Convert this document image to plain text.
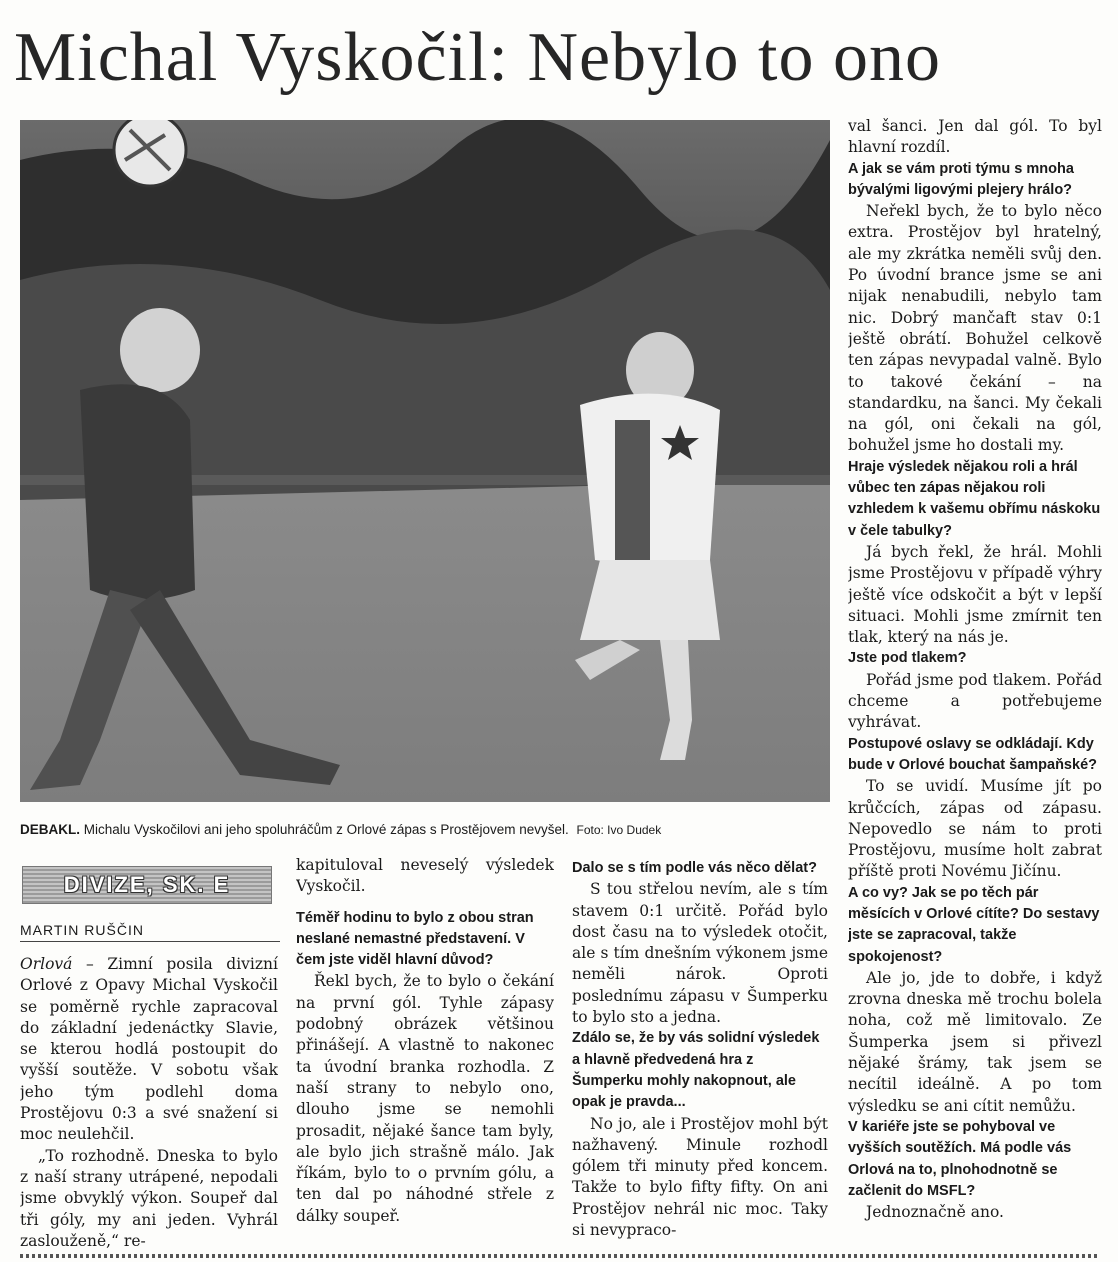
Michal Vyskočil: Nebylo to ono
DEBAKL. Michalu Vyskočilovi ani jeho spoluhráčům z Orlové zápas s Prostějovem nevyšel. Foto: Ivo Dudek
DIVIZE, SK. E
MARTIN RUŠČIN

Orlová – Zimní posila divizní Orlové z Opavy Michal Vyskočil se poměrně rychle zapracoval do základní jedenáctky Slavie, se kterou hodlá postoupit do vyšší soutěže. V sobotu však jeho tým podlehl doma Prostějovu 0:3 a své snažení si moc neulehčil.

„To rozhodně. Dneska to bylo z naší strany utrápené, nepodali jsme obvyklý výkon. Soupeř dal tři góly, my ani jeden. Vyhrál zaslouženě,“ re-

kapituloval neveselý výsledek Vyskočil.

Téměř hodinu to bylo z obou stran neslané nemastné představení. V čem jste viděl hlavní důvod?

Řekl bych, že to bylo o čekání na první gól. Tyhle zápasy podobný obrázek většinou přinášejí. A vlastně to nakonec ta úvodní branka rozhodla. Z naší strany to nebylo ono, dlouho jsme se nemohli prosadit, nějaké šance tam byly, ale bylo jich strašně málo. Jak říkám, bylo to o prvním gólu, a ten dal po náhodné střele z dálky soupeř.

Dalo se s tím podle vás něco dělat?

S tou střelou nevím, ale s tím stavem 0:1 určitě. Pořád bylo dost času na to výsledek otočit, ale s tím dnešním výkonem jsme neměli nárok. Oproti poslednímu zápasu v Šumperku to bylo sto a jedna.

Zdálo se, že by vás solidní výsledek a hlavně předvedená hra z Šumperku mohly nakopnout, ale opak je pravda...

No jo, ale i Prostějov mohl být nažhavený. Minule rozhodl gólem tři minuty před koncem. Takže to bylo fifty fifty. On ani Prostějov nehrál nic moc. Taky si nevypraco-

val šanci. Jen dal gól. To byl hlavní rozdíl.

A jak se vám proti týmu s mnoha bývalými ligovými plejery hrálo?

Neřekl bych, že to bylo něco extra. Prostějov byl hratelný, ale my zkrátka neměli svůj den. Po úvodní brance jsme se ani nijak nenabudili, nebylo tam nic. Dobrý mančaft stav 0:1 ještě obrátí. Bohužel celkově ten zápas nevypadal valně. Bylo to takové čekání – na standardku, na šanci. My čekali na gól, oni čekali na gól, bohužel jsme ho dostali my.

Hraje výsledek nějakou roli a hrál vůbec ten zápas nějakou roli vzhledem k vašemu obřímu náskoku v čele tabulky?

Já bych řekl, že hrál. Mohli jsme Prostějovu v případě výhry ještě více odskočit a být v lepší situaci. Mohli jsme zmírnit ten tlak, který na nás je.

Jste pod tlakem?

Pořád jsme pod tlakem. Pořád chceme a potřebujeme vyhrávat.

Postupové oslavy se odkládají. Kdy bude v Orlové bouchat šampaňské?

To se uvidí. Musíme jít po krůčcích, zápas od zápasu. Nepovedlo se nám to proti Prostějovu, musíme holt zabrat příště proti Novému Jičínu.

A co vy? Jak se po těch pár měsících v Orlové cítíte? Do sestavy jste se zapracoval, takže spokojenost?

Ale jo, jde to dobře, i když zrovna dneska mě trochu bolela noha, což mě limitovalo. Ze Šumperka jsem si přivezl nějaké šrámy, tak jsem se necítil ideálně. A po tom výsledku se ani cítit nemůžu.

V kariéře jste se pohyboval ve vyšších soutěžích. Má podle vás Orlová na to, plnohodnotně se začlenit do MSFL?

Jednoznačně ano.
